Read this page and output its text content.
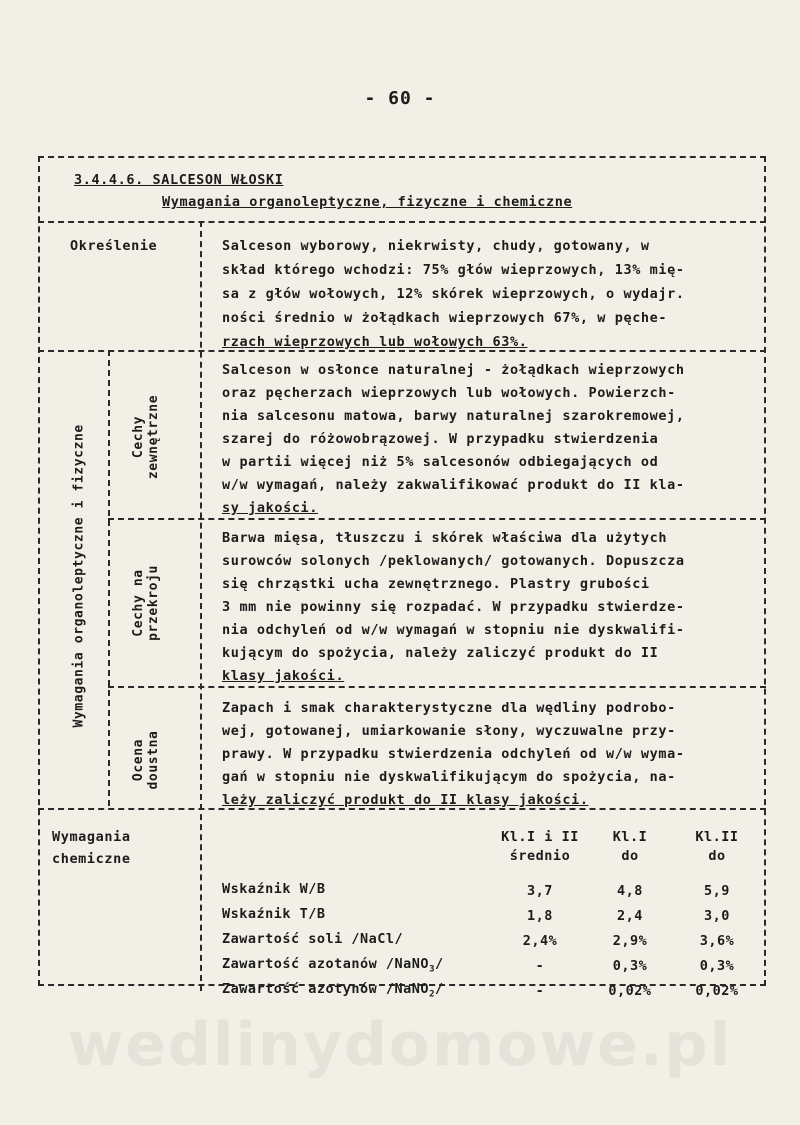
- 60 -
3.4.4.6. SALCESON WŁOSKI
Wymagania organoleptyczne, fizyczne i chemiczne
Określenie	Salceson wyborowy, niekrwisty, chudy, gotowany, w
skład którego wchodzi: 75% głów wieprzowych, 13% mię-
sa z głów wołowych, 12% skórek wieprzowych, o wydajr.
ności średnio w żołądkach wieprzowych 67%, w pęche-
rzach wieprzowych lub wołowych 63%.
Wymagania organoleptyczne i fizyczne	Cechy zewnętrzne
Salceson w osłonce naturalnej - żołądkach wieprzowych
oraz pęcherzach wieprzowych lub wołowych. Powierzch-
nia salcesonu matowa, barwy naturalnej szarokremowej,
szarej do różowobrązowej. W przypadku stwierdzenia
w partii więcej niż 5% salcesonów odbiegających od
w/w wymagań, należy zakwalifikować produkt do II kla-
sy jakości.
Cechy na przekroju
Barwa mięsa, tłuszczu i skórek właściwa dla użytych
surowców solonych /peklowanych/ gotowanych. Dopuszcza
się chrząstki ucha zewnętrznego. Plastry grubości
3 mm nie powinny się rozpadać. W przypadku stwierdze-
nia odchyleń od w/w wymagań w stopniu nie dyskwalifi-
kującym do spożycia, należy zaliczyć produkt do II
klasy jakości.
Ocena doustna
Zapach i smak charakterystyczne dla wędliny podrobo-
wej, gotowanej, umiarkowanie słony, wyczuwalne przy-
prawy. W przypadku stwierdzenia odchyleń od w/w wyma-
gań w stopniu nie dyskwalifikującym do spożycia, na-
leży zaliczyć produkt do II klasy jakości.
Wymagania
chemiczne
	Kl.I i II	Kl.I	Kl.II
	średnio	do	do

Wskaźnik W/B	3,7	4,8	5,9
Wskaźnik T/B	1,8	2,4	3,0
Zawartość soli /NaCl/	2,4%	2,9%	3,6%
Zawartość azotanów /NaNO$_3$/	-	0,3%	0,3%
Zawartość azotynów /NaNO$_2$/	-	0,02%	0,02%
wedlinydomowe.pl
